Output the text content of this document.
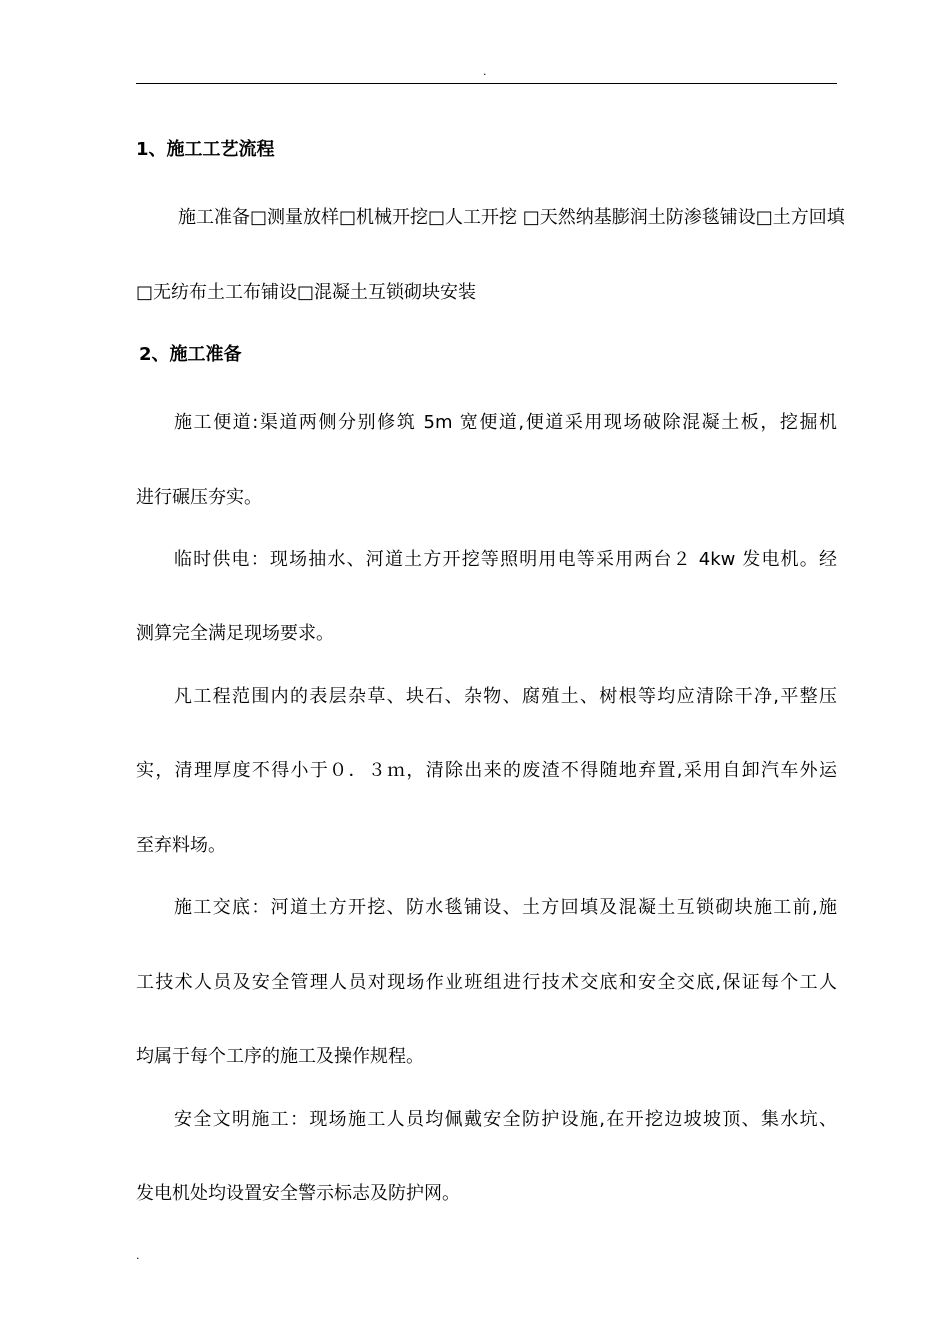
.
1、施工工艺流程
施工准备□测量放样□机械开挖□人工开挖 □天然纳基膨润土防渗毯铺设□土方回填
□无纺布土工布铺设□混凝土互锁砌块安装
2、施工准备
施工便道:渠道两侧分别修筑 5m 宽便道,便道采用现场破除混凝土板，挖掘机
进行碾压夯实。
临时供电：现场抽水、河道土方开挖等照明用电等采用两台２ 4kw 发电机。经
测算完全满足现场要求。
凡工程范围内的表层杂草、块石、杂物、腐殖土、树根等均应清除干净,平整压
实，清理厚度不得小于０．３ｍ，清除出来的废渣不得随地弃置,采用自卸汽车外运
至弃料场。
施工交底：河道土方开挖、防水毯铺设、土方回填及混凝土互锁砌块施工前,施
工技术人员及安全管理人员对现场作业班组进行技术交底和安全交底,保证每个工人
均属于每个工序的施工及操作规程。
安全文明施工：现场施工人员均佩戴安全防护设施,在开挖边坡坡顶、集水坑、
发电机处均设置安全警示标志及防护网。
.
